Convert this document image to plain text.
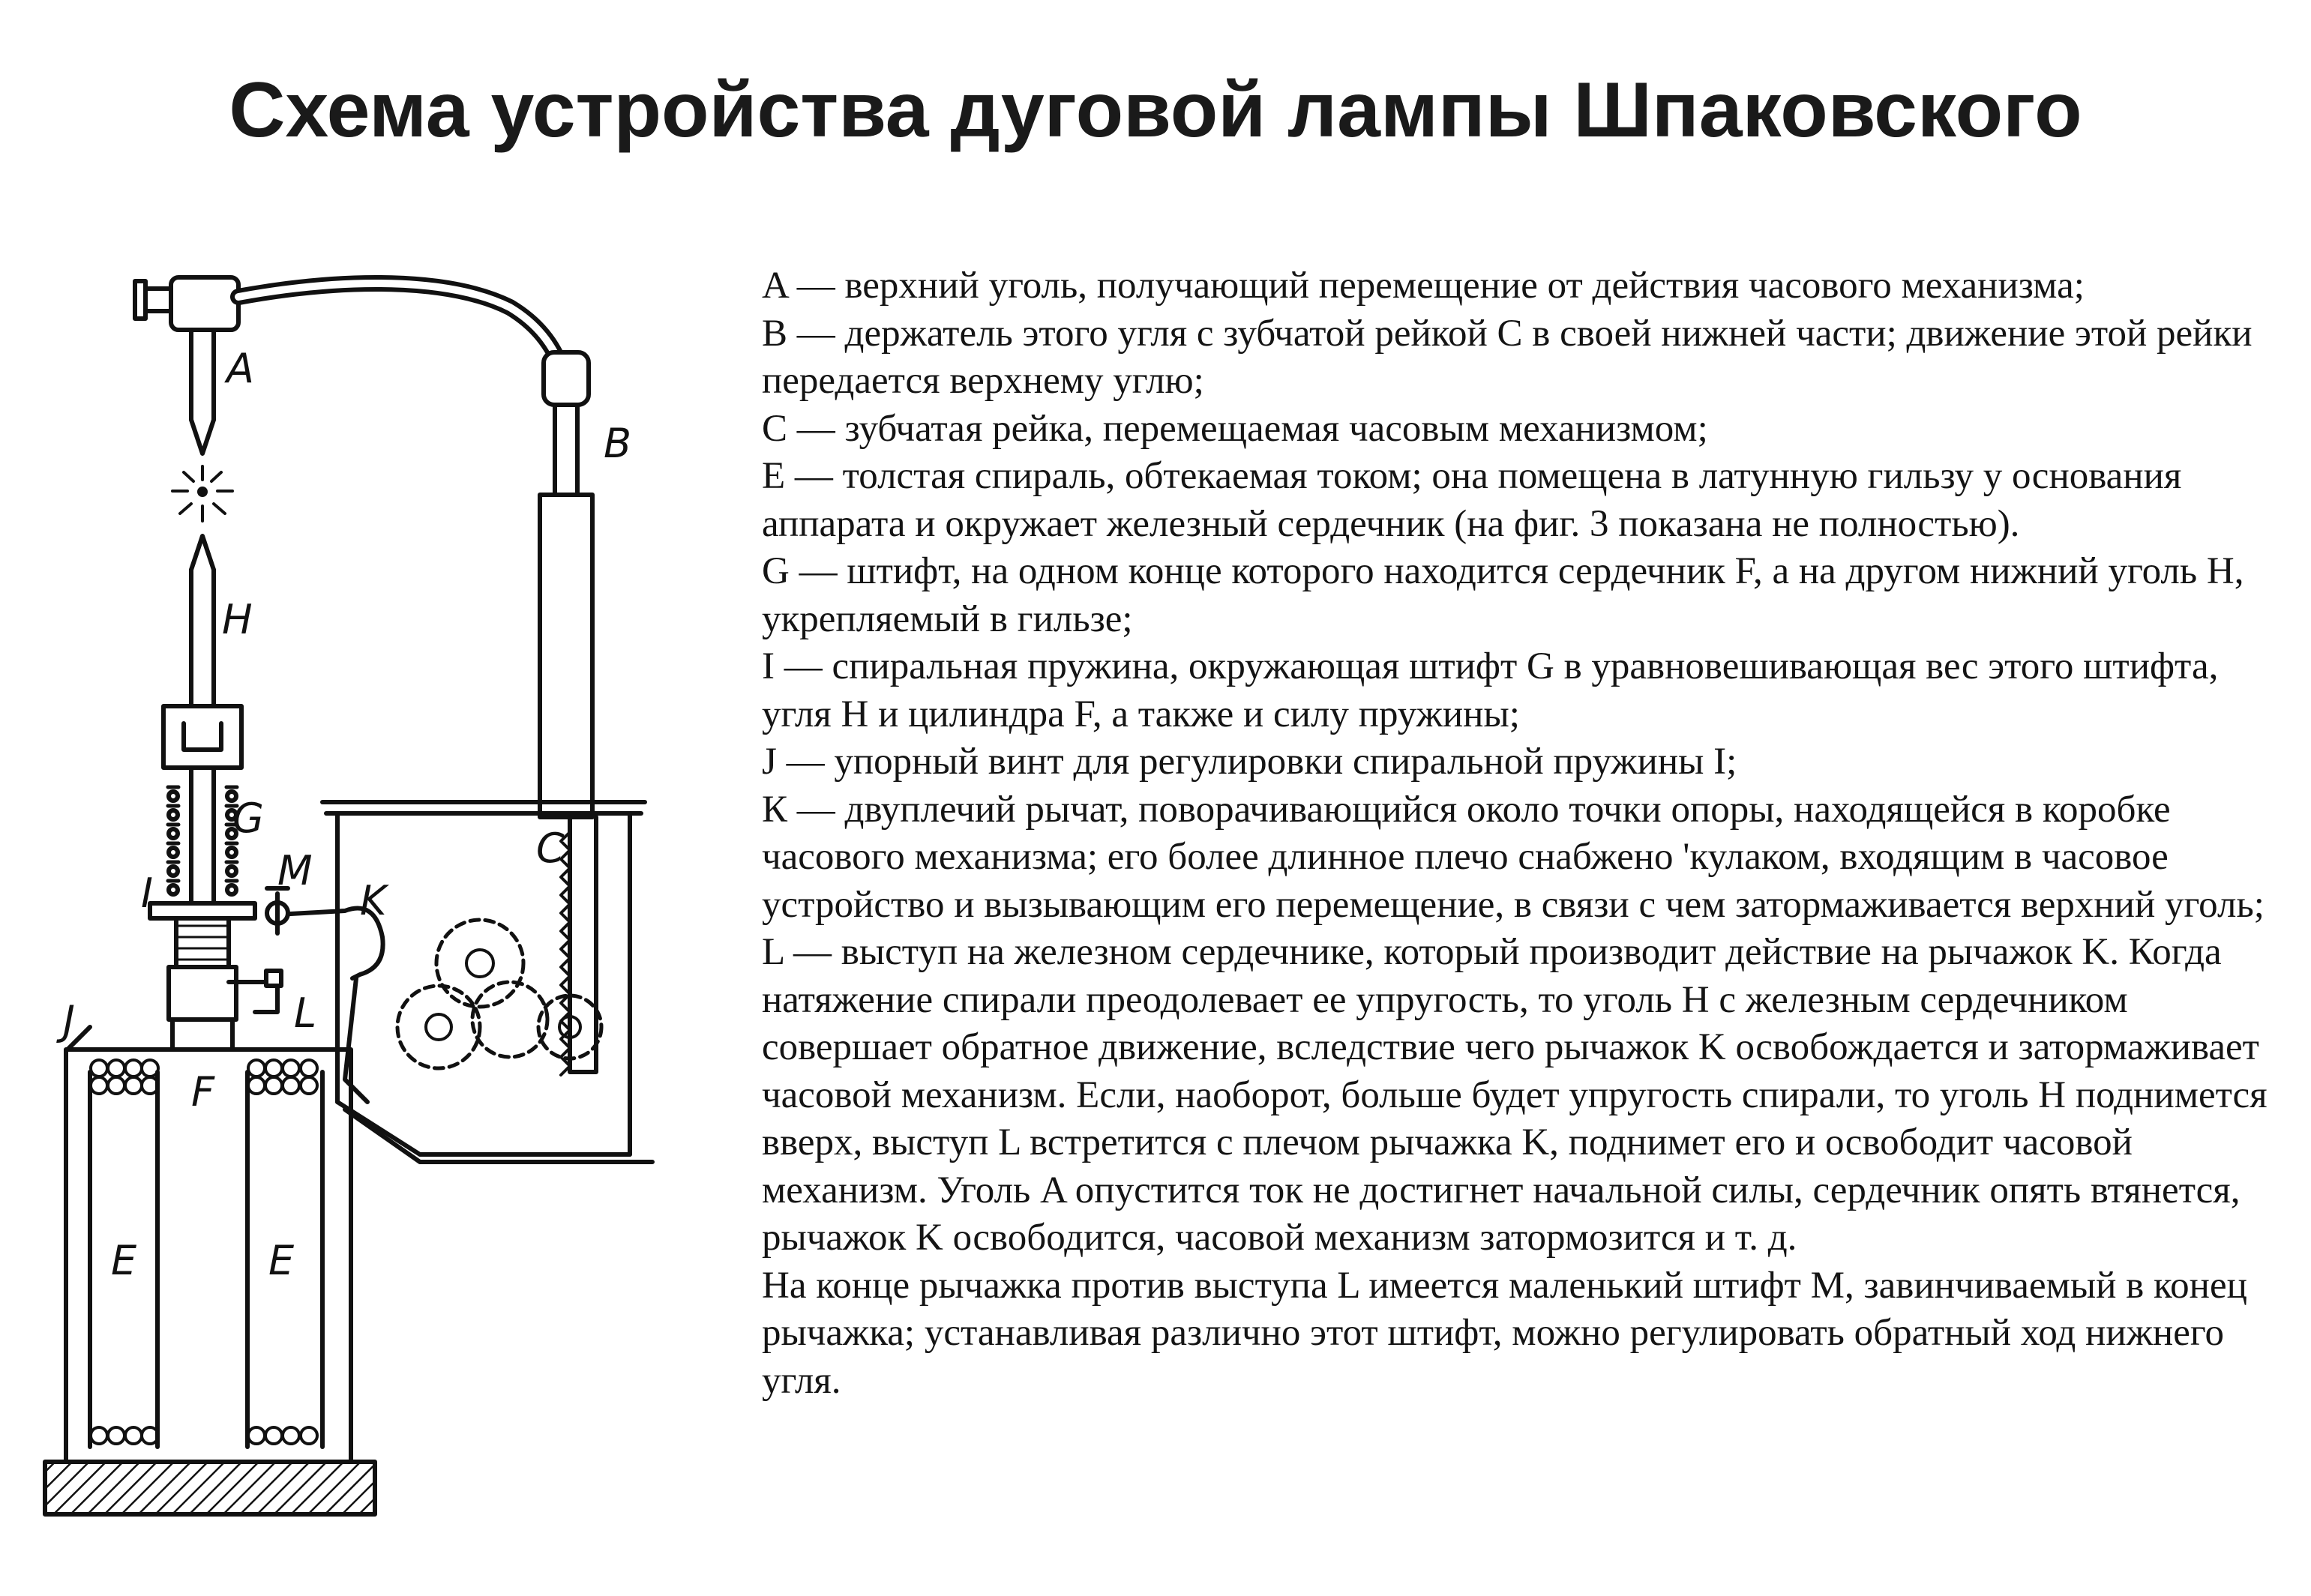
Схема устройства дуговой лампы Шпаковского
A
B
H
G
C
M
K
I
L
J
F
E	E

A — верхний уголь, получающий перемещение от действия часового механизма;

B — держатель этого угля с зубчатой рейкой C в своей нижней части; движение этой рейки передается верхнему углю;

C — зубчатая рейка, перемещаемая часовым механизмом;

E — толстая спираль, обтекаемая током; она помещена в латунную гильзу у основания аппарата и окружает железный сердечник (на фиг. 3 показана не полностью).

G — штифт, на одном конце которого находится сердечник F, а на другом нижний уголь H, укрепляемый в гильзе;

I — спиральная пружина, окружающая штифт G в уравновешивающая вес этого штифта, угля H и цилиндра F, а также и силу пружины;

J — упорный винт для регулировки спиральной пружины I;

К — двуплечий рычат, поворачивающийся около точки опоры, находящейся в коробке часового механизма; его более длинное плечо снабжено 'кулаком, входящим в часовое устройство и вызывающим его перемещение, в связи с чем затормаживается верхний уголь;

L — выступ на железном сердечнике, который производит действие на рычажок K. Когда натяжение спирали преодолевает ее упругость, то уголь H с железным сердечником совершает обратное движение, вследствие чего рычажок K освобождается и затормаживает часовой механизм. Если, наоборот, больше будет упругость спирали, то уголь H поднимется вверх, выступ L встретится с плечом рычажка K, поднимет его и освободит часовой механизм. Уголь A опустится ток не достигнет начальной силы, сердечник опять втянется, рычажок K освободится, часовой механизм затормозится и т. д.

На конце рычажка против выступа L имеется маленький штифт M, завинчиваемый в конец рычажка; устанавливая различно этот штифт, можно регулировать обратный ход нижнего угля.
